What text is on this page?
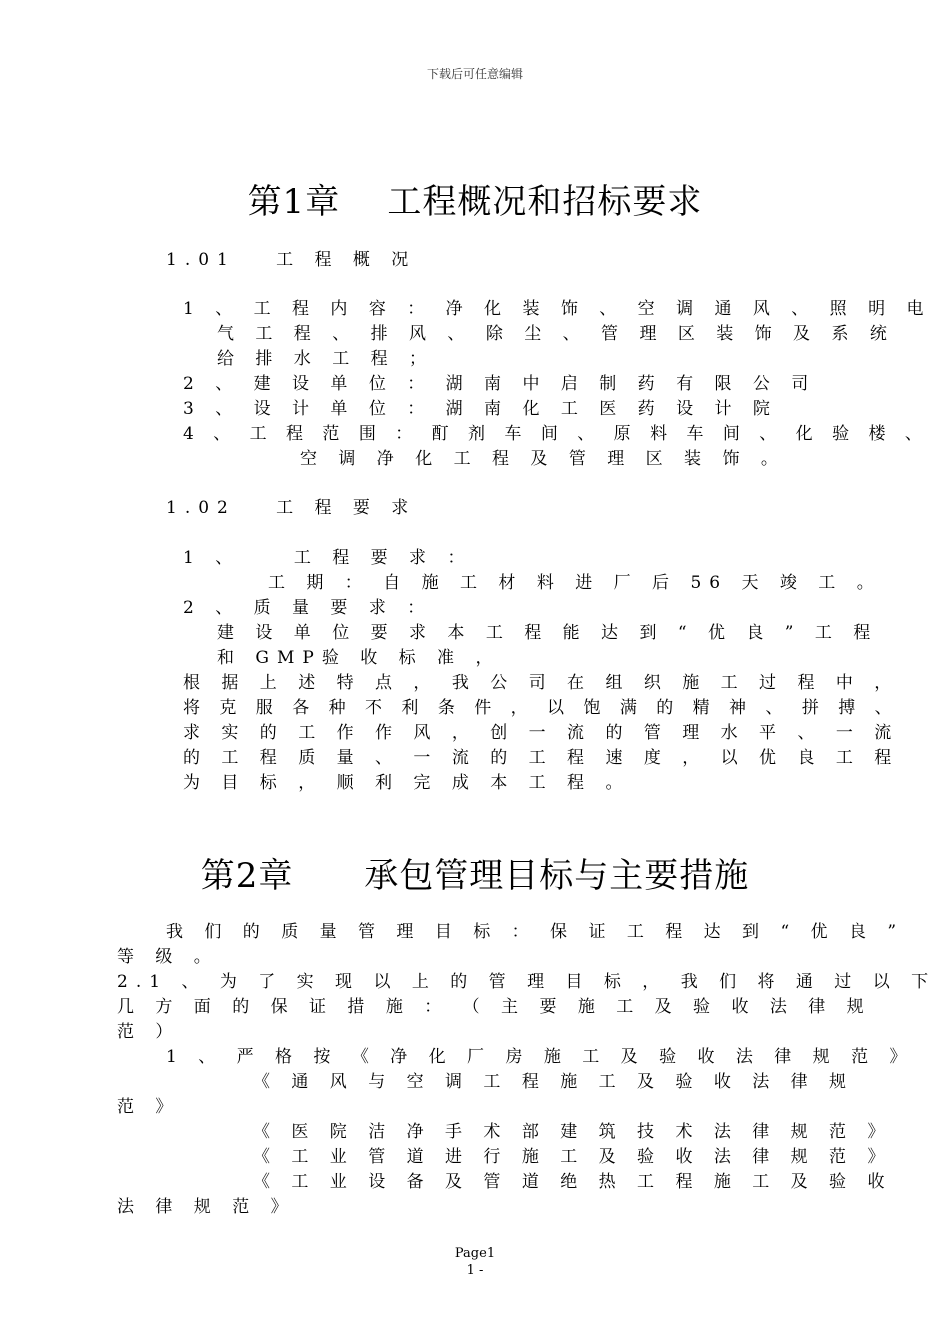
下载后可任意编辑
第1章    工程概况和招标要求
1.01   工 程 概 况
1 、 工 程 内 容 ： 净 化 装 饰 、 空 调 通 风 、 照 明 电
气 工 程 、 排 风 、 除 尘 、 管 理 区 装 饰 及 系 统
给 排 水 工 程 ；
2 、 建 设 单 位 ： 湖 南 中 启 制 药 有 限 公 司
3 、 设 计 单 位 ： 湖 南 化 工 医 药 设 计 院
4 、 工 程 范 围 ： 酊 剂 车 间 、 原 料 车 间 、 化 验 楼 、
空 调 净 化 工 程 及 管 理 区 装 饰 。
1.02   工 程 要 求
1 、    工 程 要 求 ：
工 期 ： 自 施 工 材 料 进 厂 后 56 天 竣 工 。
2 、 质 量 要 求 ：
建 设 单 位 要 求 本 工 程 能 达 到 “ 优 良 ” 工 程
和 GMP验 收 标 准 ，
根 据 上 述 特 点 ， 我 公 司 在 组 织 施 工 过 程 中 ，
将 克 服 各 种 不 利 条 件 ， 以 饱 满 的 精 神 、 拼 搏 、
求 实 的 工 作 作 风 ， 创 一 流 的 管 理 水 平 、 一 流
的 工 程 质 量 、 一 流 的 工 程 速 度 ， 以 优 良 工 程
为 目 标 ， 顺 利 完 成 本 工 程 。
第2章      承包管理目标与主要措施
我 们 的 质 量 管 理 目 标 ： 保 证 工 程 达 到 “ 优 良 ”
等 级 。
2.1 、 为 了 实 现 以 上 的 管 理 目 标 ， 我 们 将 通 过 以 下
几 方 面 的 保 证 措 施 ： （ 主 要 施 工 及 验 收 法 律 规
范 ）
1 、 严 格 按 《 净 化 厂 房 施 工 及 验 收 法 律 规 范 》
《 通 风 与 空 调 工 程 施 工 及 验 收 法 律 规
范 》
《 医 院 洁 净 手 术 部 建 筑 技 术 法 律 规 范 》
《 工 业 管 道 进 行 施 工 及 验 收 法 律 规 范 》
《 工 业 设 备 及 管 道 绝 热 工 程 施 工 及 验 收
法 律 规 范 》
Page1
1 -
